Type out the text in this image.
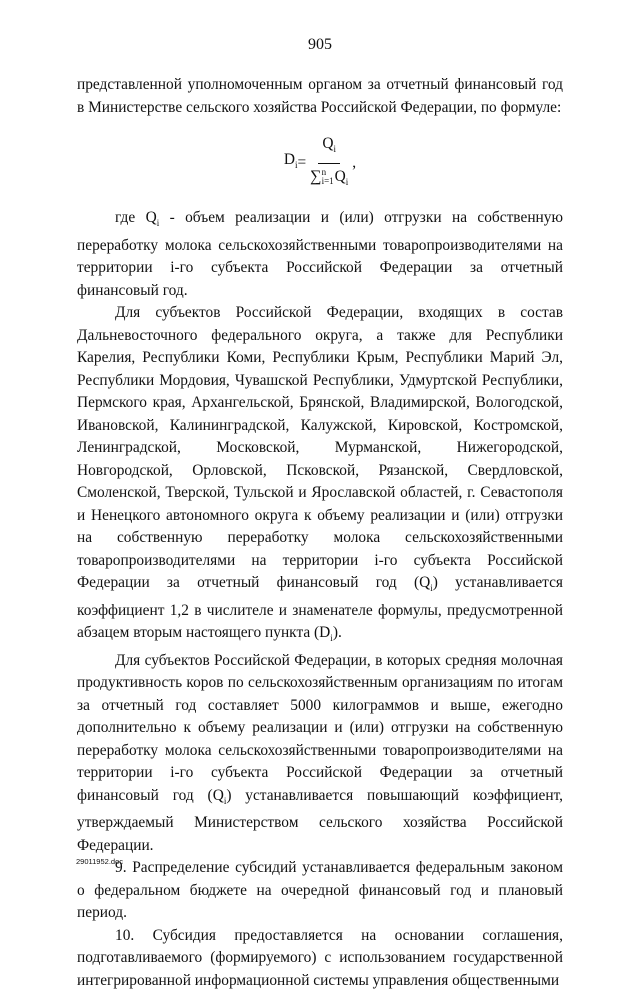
905

представленной уполномоченным органом за отчетный финансовый год в Министерстве сельского хозяйства Российской Федерации, по формуле:

$D_i = Q_i$
∑ n
i=1 $Q_i$ ,

где $Q_i$ - объем реализации и (или) отгрузки на собственную переработку молока сельскохозяйственными товаропроизводителями на территории i-го субъекта Российской Федерации за отчетный финансовый год.

Для субъектов Российской Федерации, входящих в состав Дальневосточного федерального округа, а также для Республики Карелия, Республики Коми, Республики Крым, Республики Марий Эл, Республики Мордовия, Чувашской Республики, Удмуртской Республики, Пермского края, Архангельской, Брянской, Владимирской, Вологодской, Ивановской, Калининградской, Калужской, Кировской, Костромской, Ленинградской, Московской, Мурманской, Нижегородской, Новгородской, Орловской, Псковской, Рязанской, Свердловской, Смоленской, Тверской, Тульской и Ярославской областей, г. Севастополя и Ненецкого автономного округа к объему реализации и (или) отгрузки на собственную переработку молока сельскохозяйственными товаропроизводителями на территории i-го субъекта Российской Федерации за отчетный финансовый год $(Q_i)$ устанавливается коэффициент 1,2 в числителе и знаменателе формулы, предусмотренной абзацем вторым настоящего пункта $(D_i)$.

Для субъектов Российской Федерации, в которых средняя молочная продуктивность коров по сельскохозяйственным организациям по итогам за отчетный год составляет 5000 килограммов и выше, ежегодно дополнительно к объему реализации и (или) отгрузки на собственную переработку молока сельскохозяйственными товаропроизводителями на территории i-го субъекта Российской Федерации за отчетный финансовый год $(Q_i)$ устанавливается повышающий коэффициент, утверждаемый Министерством сельского хозяйства Российской Федерации.

9. Распределение субсидий устанавливается федеральным законом о федеральном бюджете на очередной финансовый год и плановый период.

10. Субсидия предоставляется на основании соглашения, подготавливаемого (формируемого) с использованием государственной интегрированной информационной системы управления общественными

29011952.doc
